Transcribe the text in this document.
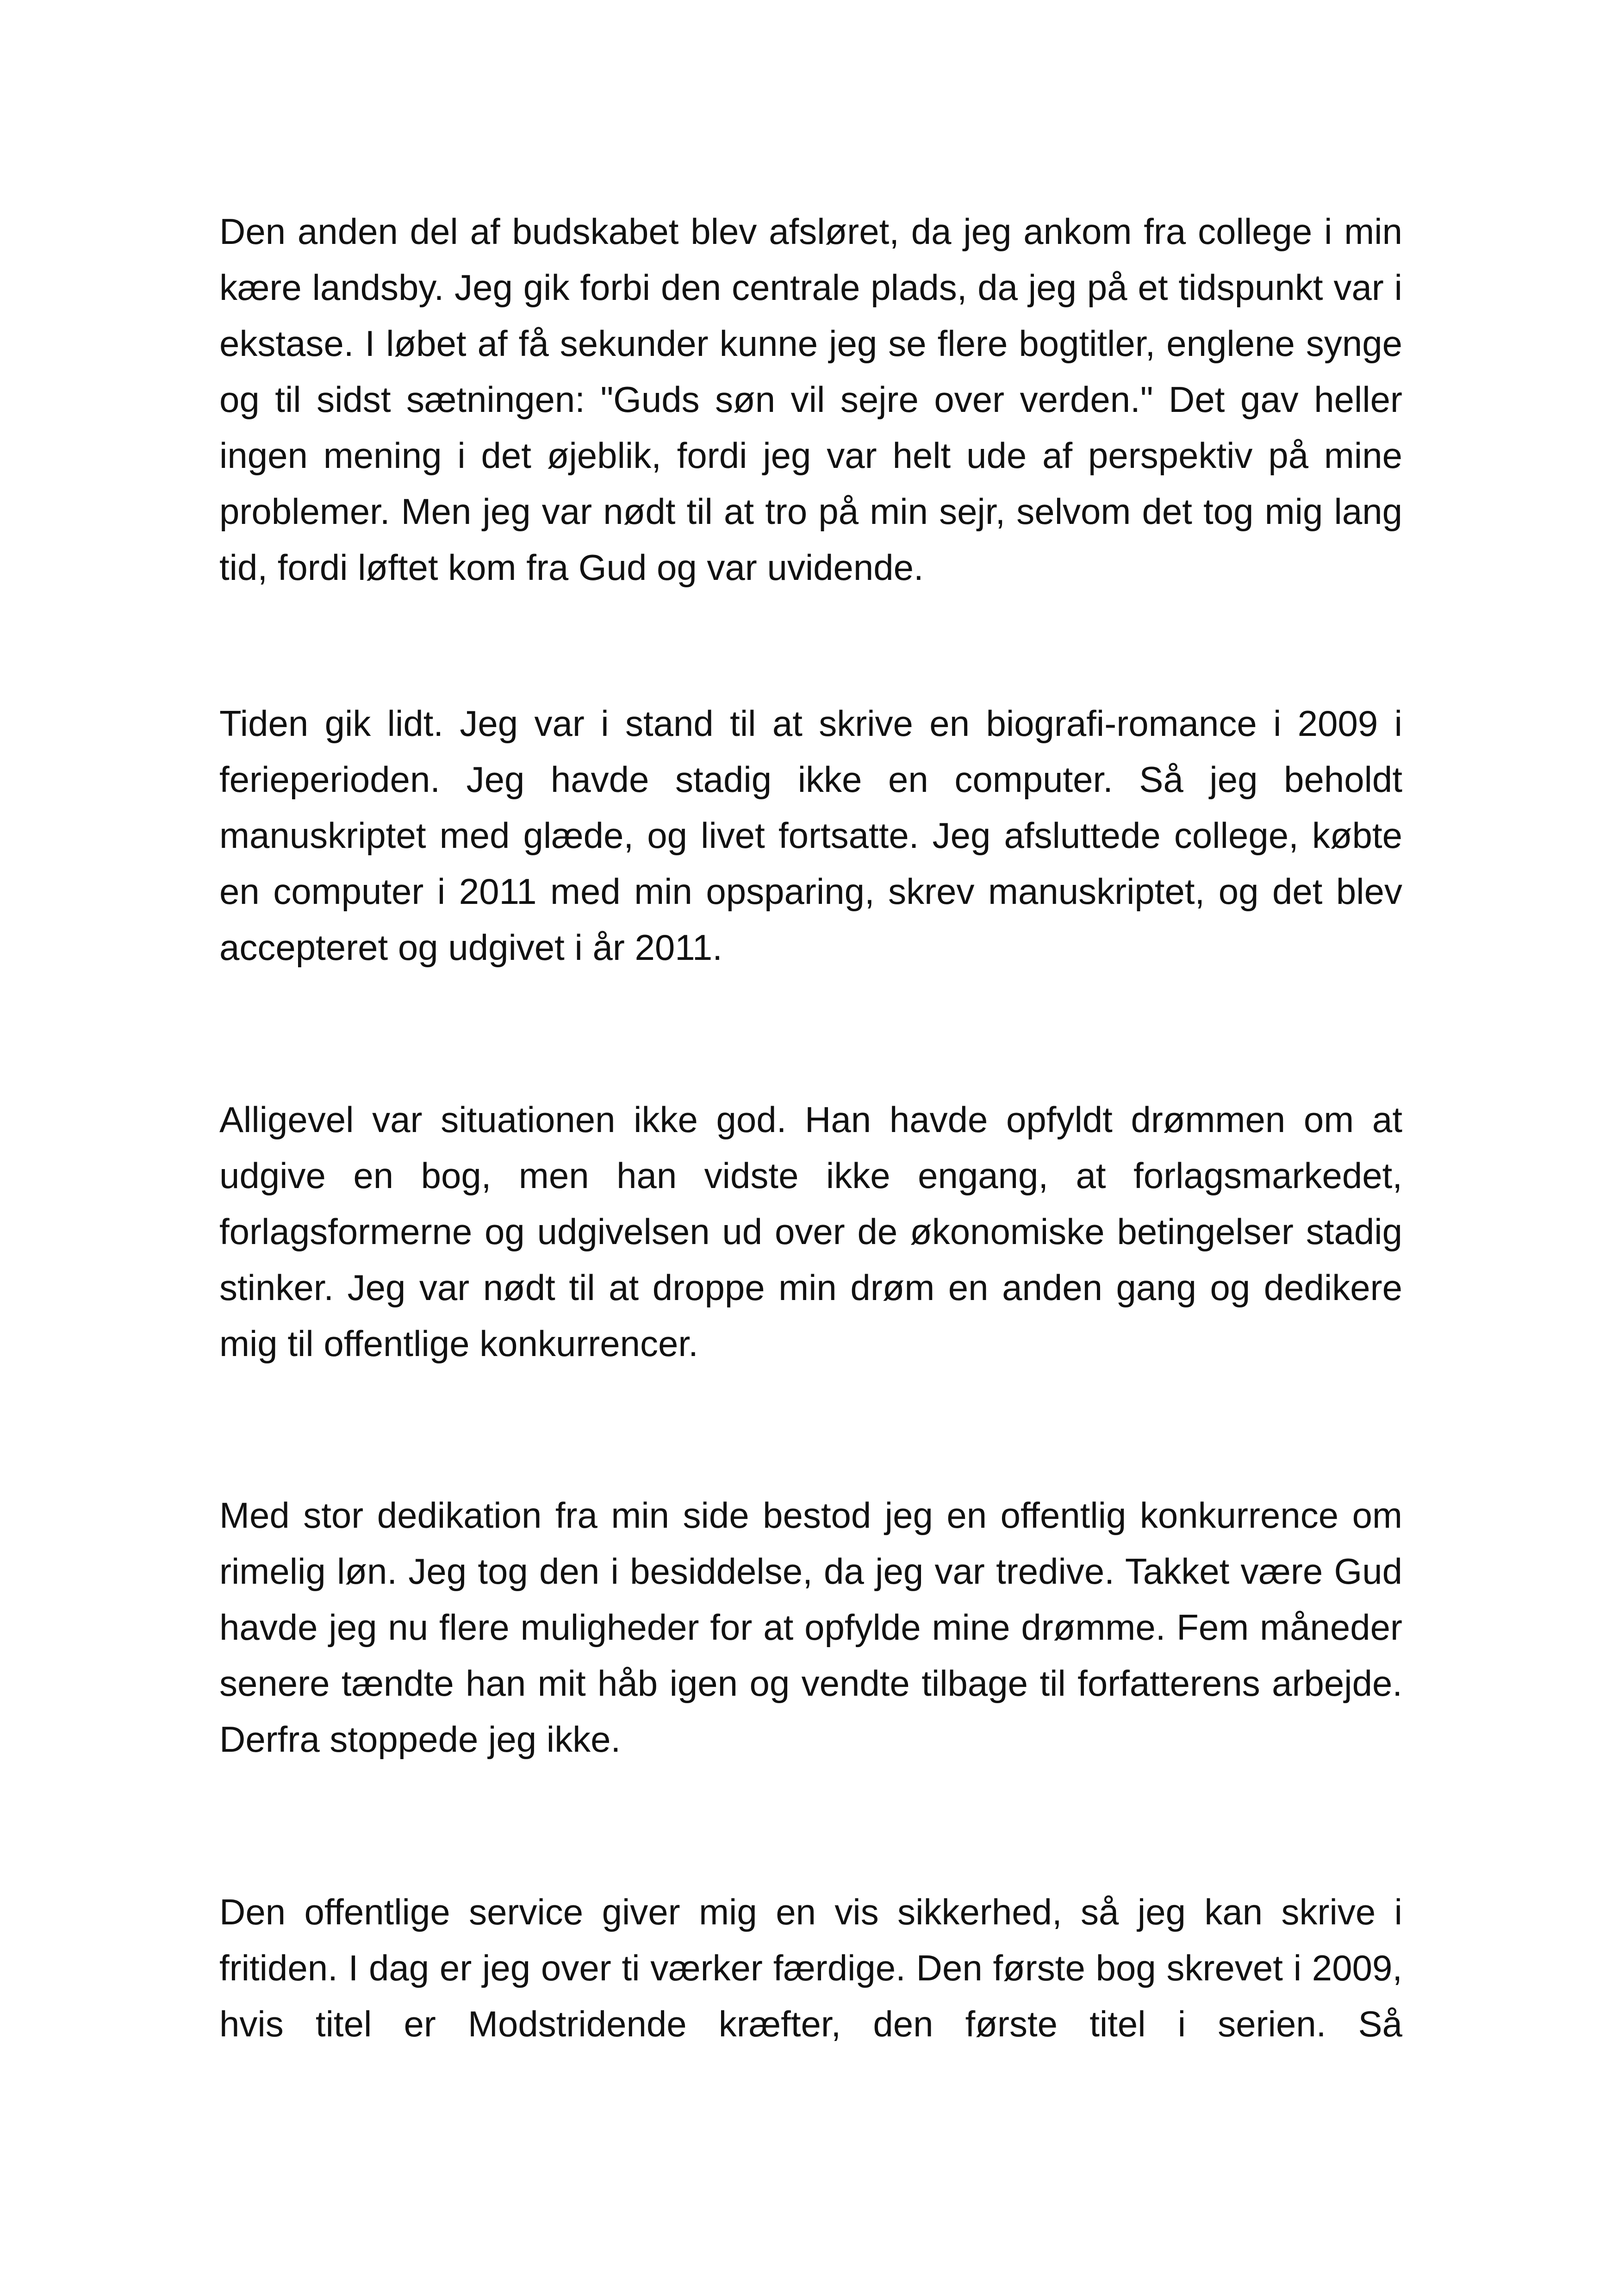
Den anden del af budskabet blev afsløret, da jeg ankom fra college i min kære landsby. Jeg gik forbi den centrale plads, da jeg på et tidspunkt var i ekstase. I løbet af få sekunder kunne jeg se flere bogtitler, englene synge og til sidst sætningen: "Guds søn vil sejre over verden." Det gav heller ingen mening i det øjeblik, fordi jeg var helt ude af perspektiv på mine problemer. Men jeg var nødt til at tro på min sejr, selvom det tog mig lang tid, fordi løftet kom fra Gud og var uvidende.

Tiden gik lidt. Jeg var i stand til at skrive en biografi-romance i 2009 i ferieperioden. Jeg havde stadig ikke en computer. Så jeg beholdt manuskriptet med glæde, og livet fortsatte. Jeg afsluttede college, købte en computer i 2011 med min opsparing, skrev manuskriptet, og det blev accepteret og udgivet i år 2011.

Alligevel var situationen ikke god. Han havde opfyldt drømmen om at udgive en bog, men han vidste ikke engang, at forlagsmarkedet, forlagsformerne og udgivelsen ud over de økonomiske betingelser stadig stinker. Jeg var nødt til at droppe min drøm en anden gang og dedikere mig til offentlige konkurrencer.

Med stor dedikation fra min side bestod jeg en offentlig konkurrence om rimelig løn. Jeg tog den i besiddelse, da jeg var tredive. Takket være Gud havde jeg nu flere muligheder for at opfylde mine drømme. Fem måneder senere tændte han mit håb igen og vendte tilbage til forfatterens arbejde. Derfra stoppede jeg ikke.

Den offentlige service giver mig en vis sikkerhed, så jeg kan skrive i fritiden. I dag er jeg over ti værker færdige. Den første bog skrevet i 2009, hvis titel er Modstridende kræfter, den første titel i serien. Så
